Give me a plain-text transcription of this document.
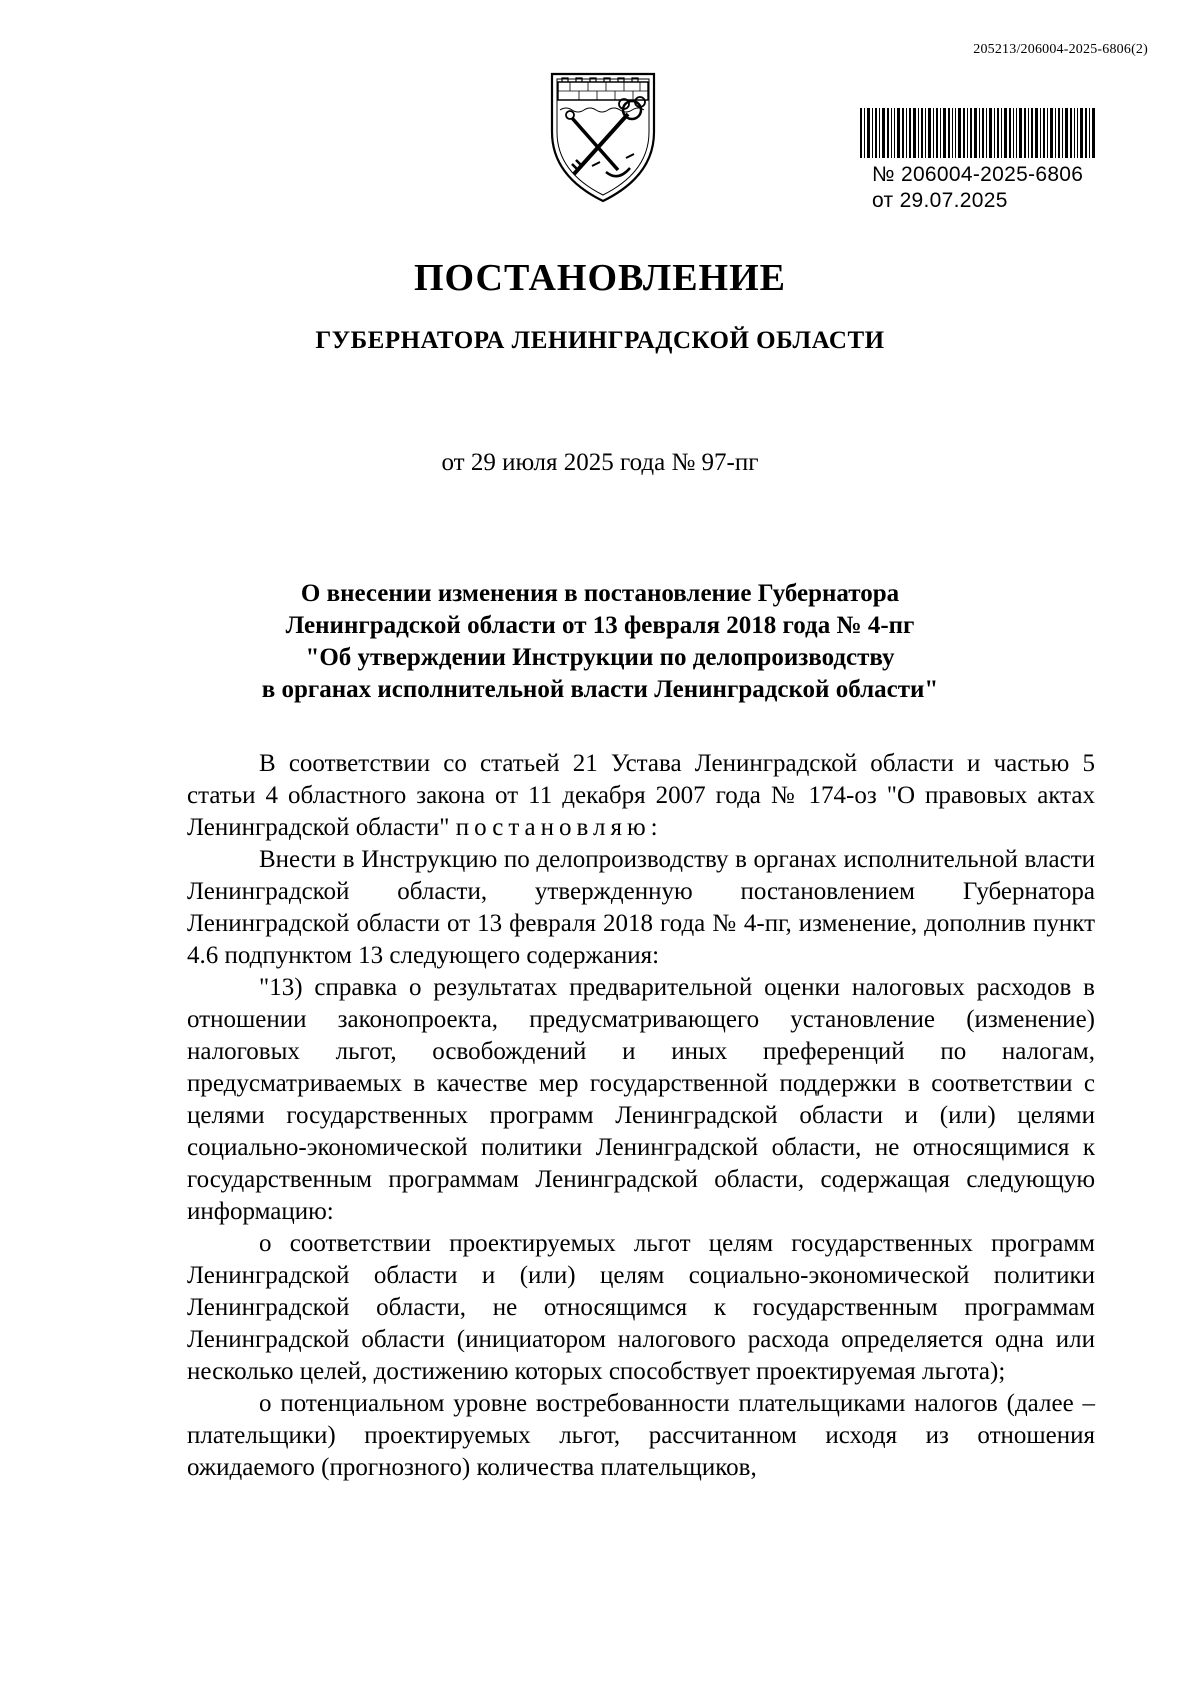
205213/206004-2025-6806(2)
№ 206004-2025-6806
от 29.07.2025
ПОСТАНОВЛЕНИЕ
ГУБЕРНАТОРА ЛЕНИНГРАДСКОЙ ОБЛАСТИ
от 29 июля 2025 года № 97-пг
О внесении изменения в постановление Губернатора
Ленинградской области от 13 февраля 2018 года № 4-пг
"Об утверждении Инструкции по делопроизводству
в органах исполнительной власти Ленинградской области"

В соответствии со статьей 21 Устава Ленинградской области и частью 5 статьи 4 областного закона от 11 декабря 2007 года № 174-оз "О правовых актах Ленинградской области" постановляю:

Внести в Инструкцию по делопроизводству в органах исполнительной власти Ленинградской области, утвержденную постановлением Губернатора Ленинградской области от 13 февраля 2018 года № 4-пг, изменение, дополнив пункт 4.6 подпунктом 13 следующего содержания:

"13) справка о результатах предварительной оценки налоговых расходов в отношении законопроекта, предусматривающего установление (изменение) налоговых льгот, освобождений и иных преференций по налогам, предусматриваемых в качестве мер государственной поддержки в соответствии с целями государственных программ Ленинградской области и (или) целями социально-экономической политики Ленинградской области, не относящимися к государственным программам Ленинградской области, содержащая следующую информацию:

о соответствии проектируемых льгот целям государственных программ Ленинградской области и (или) целям социально-экономической политики Ленинградской области, не относящимся к государственным программам Ленинградской области (инициатором налогового расхода определяется одна или несколько целей, достижению которых способствует проектируемая льгота);

о потенциальном уровне востребованности плательщиками налогов (далее – плательщики) проектируемых льгот, рассчитанном исходя из отношения ожидаемого (прогнозного) количества плательщиков,
